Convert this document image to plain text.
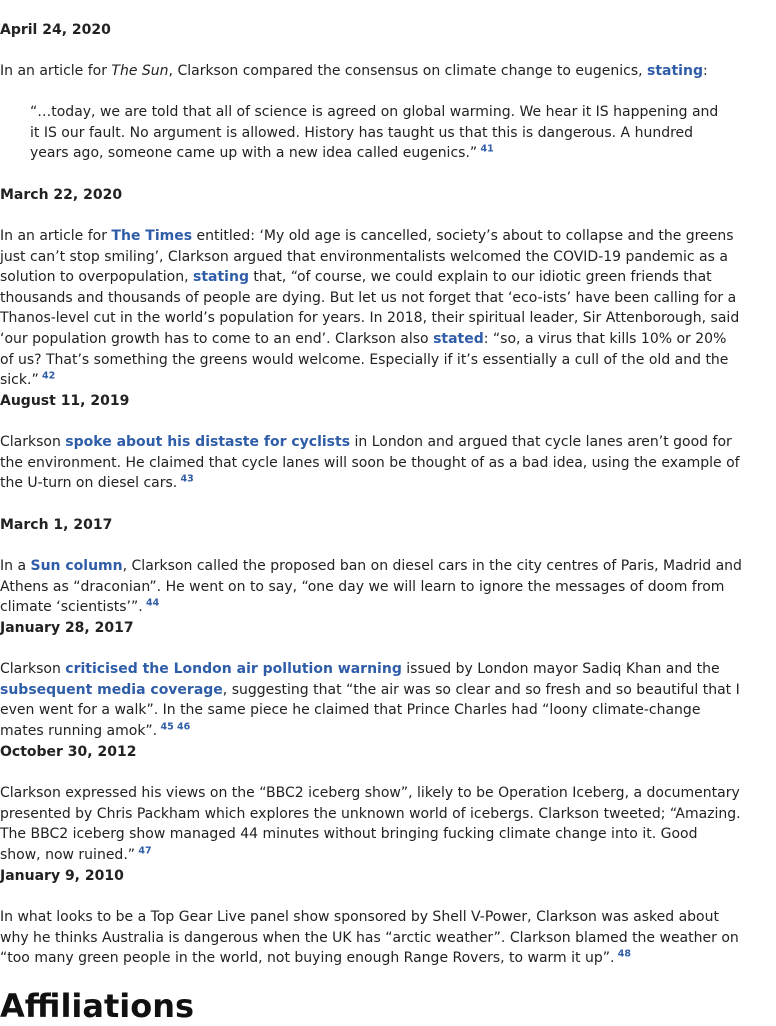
April 24, 2020

In an article for The Sun, Clarkson compared the consensus on climate change to eugenics, stating:

“…today, we are told that all of science is agreed on global warming. We hear it IS happening and it IS our fault. No argument is allowed. History has taught us that this is dangerous. A hundred years ago, someone came up with a new idea called eugenics.” $^{41}$

March 22, 2020

In an article for The Times entitled: ‘My old age is cancelled, society’s about to collapse and the greens just can’t stop smiling’, Clarkson argued that environmentalists welcomed the COVID-19 pandemic as a solution to overpopulation, stating that, “of course, we could explain to our idiotic green friends that thousands and thousands of people are dying. But let us not forget that ‘eco-ists’ have been calling for a Thanos-level cut in the world’s population for years. In 2018, their spiritual leader, Sir Attenborough, said ‘our population growth has to come to an end’. Clarkson also stated: “so, a virus that kills 10% or 20% of us? That’s something the greens would welcome. Especially if it’s essentially a cull of the old and the sick.” $^{42}$

August 11, 2019

Clarkson spoke about his distaste for cyclists in London and argued that cycle lanes aren’t good for the environment. He claimed that cycle lanes will soon be thought of as a bad idea, using the example of the U-turn on diesel cars. $^{43}$

March 1, 2017

In a Sun column, Clarkson called the proposed ban on diesel cars in the city centres of Paris, Madrid and Athens as “draconian”. He went on to say, “one day we will learn to ignore the messages of doom from climate ‘scientists’”. $^{44}$

January 28, 2017

Clarkson criticised the London air pollution warning issued by London mayor Sadiq Khan and the subsequent media coverage, suggesting that “the air was so clear and so fresh and so beautiful that I even went for a walk”. In the same piece he claimed that Prince Charles had “loony climate-change mates running amok”. $^{45 46}$

October 30, 2012

Clarkson expressed his views on the “BBC2 iceberg show”, likely to be Operation Iceberg, a documentary presented by Chris Packham which explores the unknown world of icebergs. Clarkson tweeted; “Amazing. The BBC2 iceberg show managed 44 minutes without bringing fucking climate change into it. Good show, now ruined.” $^{47}$

January 9, 2010

In what looks to be a Top Gear Live panel show sponsored by Shell V-Power, Clarkson was asked about why he thinks Australia is dangerous when the UK has “arctic weather”. Clarkson blamed the weather on “too many green people in the world, not buying enough Range Rovers, to warm it up”. $^{48}$

Affiliations
